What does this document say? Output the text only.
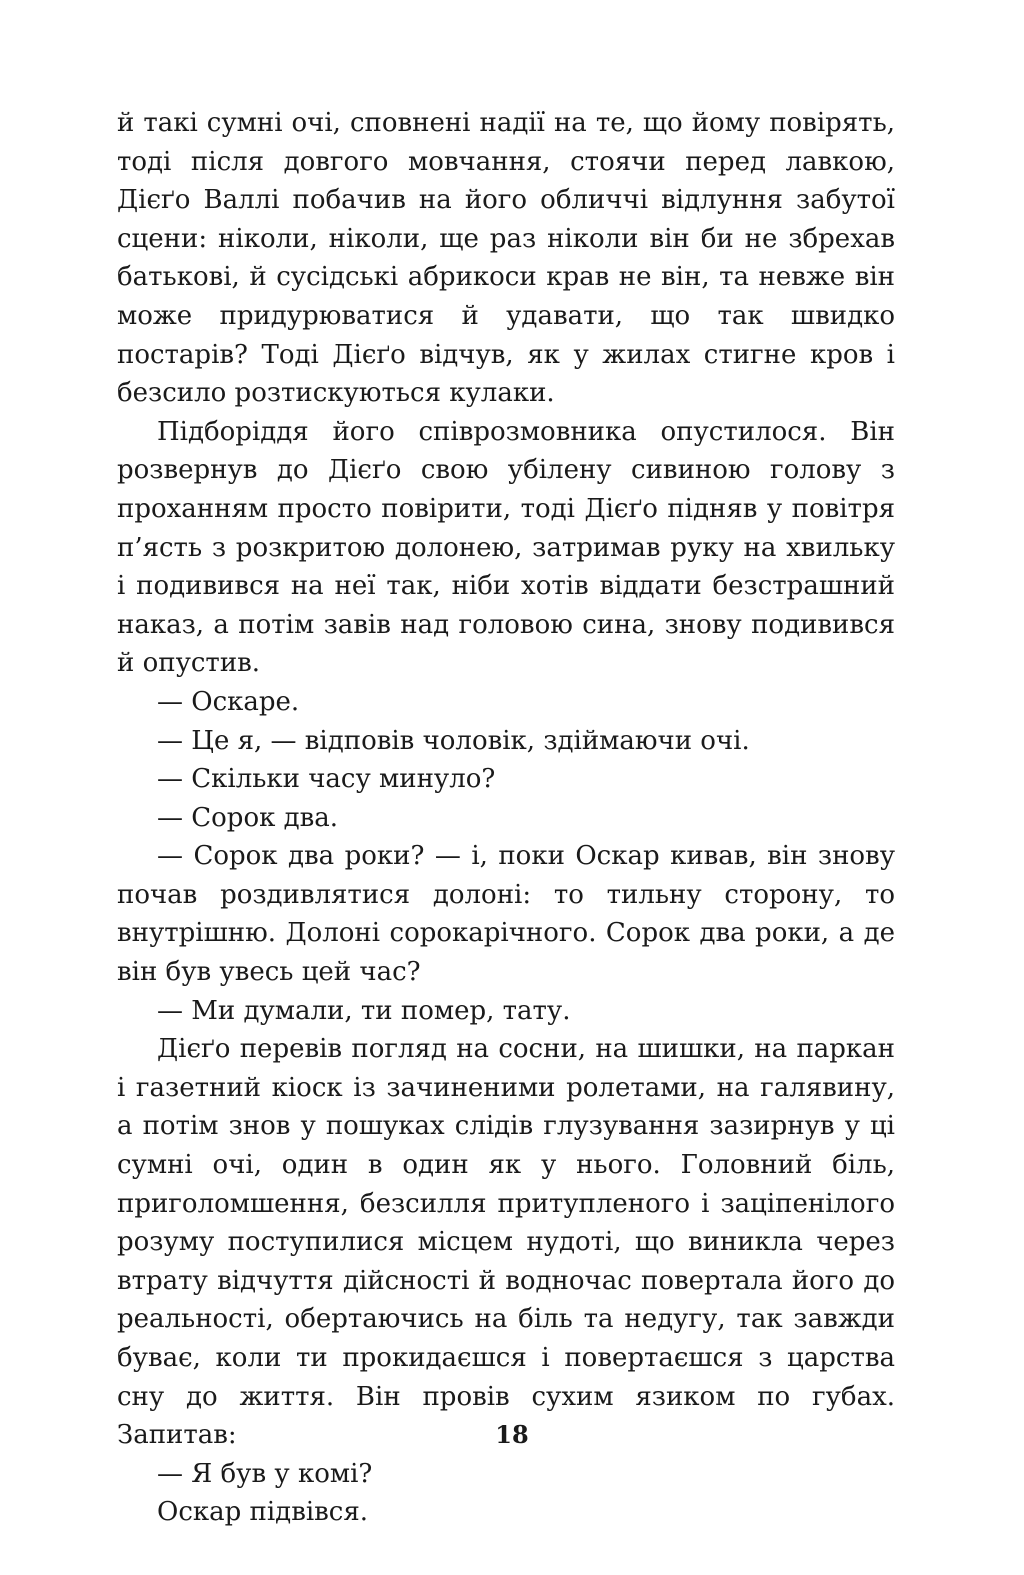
й такі сумні очі, сповнені надії на те, що йому повірять, тоді після довгого мовчання, стоячи перед лавкою, Дієґо Валлі побачив на його обличчі відлуння забутої сцени: ніколи, ніколи, ще раз ніколи він би не збрехав батькові, й сусідські абрикоси крав не він, та невже він може придурюватися й удавати, що так швидко постарів? Тоді Дієґо відчув, як у жилах стигне кров і безсило розтискуються кулаки.

Підборіддя його співрозмовника опустилося. Він розвернув до Дієґо свою убілену сивиною голову з проханням просто повірити, тоді Дієґо підняв у повітря п’ясть з розкритою долонею, затримав руку на хвильку і подивився на неї так, ніби хотів віддати безстрашний наказ, а потім завів над головою сина, знову подивився й опустив.

— Оскаре.

— Це я, — відповів чоловік, здіймаючи очі.

— Скільки часу минуло?

— Сорок два.

— Сорок два роки? — і, поки Оскар кивав, він знову почав роздивлятися долоні: то тильну сторону, то внутрішню. Долоні сорокарічного. Сорок два роки, а де він був увесь цей час?

— Ми думали, ти помер, тату.

Дієґо перевів погляд на сосни, на шишки, на паркан і газетний кіоск із зачиненими ролетами, на галявину, а потім знов у пошуках слідів глузування зазирнув у ці сумні очі, один в один як у нього. Головний біль, приголомшення, безсилля притупленого і заціпенілого розуму поступилися місцем нудоті, що виникла через втрату відчуття дійсності й водночас повертала його до реальності, обертаючись на біль та недугу, так завжди буває, коли ти прокидаєшся і повертаєшся з царства сну до життя. Він провів сухим язиком по губах. Запитав:

— Я був у комі?

Оскар підвівся.

18
